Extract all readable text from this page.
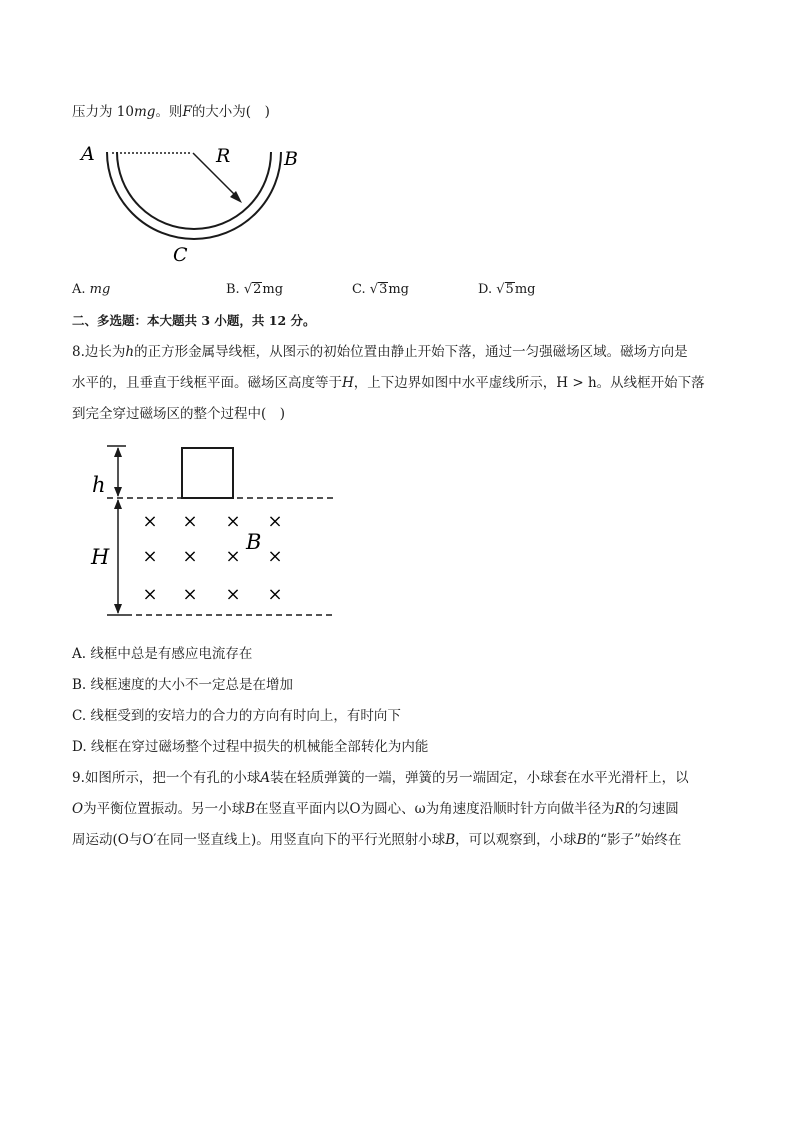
压力为 10mg。则F的大小为(　)
A	R	B
C
A. mg	B. √2mg	C. √3mg	D. √5mg
二、多选题：本大题共 3 小题，共 12 分。
8.边长为h的正方形金属导线框，从图示的初始位置由静止开始下落，通过一匀强磁场区域。磁场方向是
水平的，且垂直于线框平面。磁场区高度等于H，上下边界如图中水平虚线所示，H > h。从线框开始下落
到完全穿过磁场区的整个过程中(　)
h
H
B
× × × ×
× × × ×
× × × ×
A. 线框中总是有感应电流存在
B. 线框速度的大小不一定总是在增加
C. 线框受到的安培力的合力的方向有时向上，有时向下
D. 线框在穿过磁场整个过程中损失的机械能全部转化为内能
9.如图所示，把一个有孔的小球A装在轻质弹簧的一端，弹簧的另一端固定，小球套在水平光滑杆上，以
O为平衡位置振动。另一小球B在竖直平面内以O为圆心、ω为角速度沿顺时针方向做半径为R的匀速圆
周运动(O与O′在同一竖直线上)。用竖直向下的平行光照射小球B，可以观察到，小球B的“影子”始终在
